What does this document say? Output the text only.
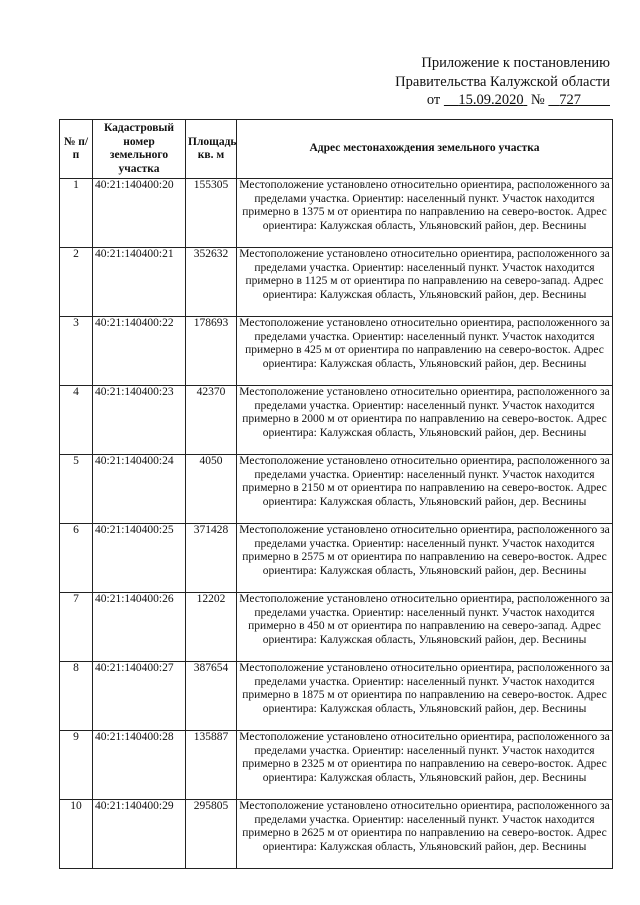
Приложение к постановлению
Правительства Калужской области
от 15.09.2020 № 727
№ п/п	Кадастровый номер земельного участка	Площадь кв. м	Адрес местонахождения земельного участка
1	40:21:140400:20	155305	Местоположение установлено относительно ориентира, расположенного за пределами участка. Ориентир: населенный пункт. Участок находится примерно в 1375 м от ориентира по направлению на северо-восток. Адрес ориентира: Калужская область, Ульяновский район, дер. Веснины
2	40:21:140400:21	352632	Местоположение установлено относительно ориентира, расположенного за пределами участка. Ориентир: населенный пункт. Участок находится примерно в 1125 м от ориентира по направлению на северо-запад. Адрес ориентира: Калужская область, Ульяновский район, дер. Веснины
3	40:21:140400:22	178693	Местоположение установлено относительно ориентира, расположенного за пределами участка. Ориентир: населенный пункт. Участок находится примерно в 425 м от ориентира по направлению на северо-восток. Адрес ориентира: Калужская область, Ульяновский район, дер. Веснины
4	40:21:140400:23	42370	Местоположение установлено относительно ориентира, расположенного за пределами участка. Ориентир: населенный пункт. Участок находится примерно в 2000 м от ориентира по направлению на северо-восток. Адрес ориентира: Калужская область, Ульяновский район, дер. Веснины
5	40:21:140400:24	4050	Местоположение установлено относительно ориентира, расположенного за пределами участка. Ориентир: населенный пункт. Участок находится примерно в 2150 м от ориентира по направлению на северо-восток. Адрес ориентира: Калужская область, Ульяновский район, дер. Веснины
6	40:21:140400:25	371428	Местоположение установлено относительно ориентира, расположенного за пределами участка. Ориентир: населенный пункт. Участок находится примерно в 2575 м от ориентира по направлению на северо-восток. Адрес ориентира: Калужская область, Ульяновский район, дер. Веснины
7	40:21:140400:26	12202	Местоположение установлено относительно ориентира, расположенного за пределами участка. Ориентир: населенный пункт. Участок находится примерно в 450 м от ориентира по направлению на северо-запад. Адрес ориентира: Калужская область, Ульяновский район, дер. Веснины
8	40:21:140400:27	387654	Местоположение установлено относительно ориентира, расположенного за пределами участка. Ориентир: населенный пункт. Участок находится примерно в 1875 м от ориентира по направлению на северо-восток. Адрес ориентира: Калужская область, Ульяновский район, дер. Веснины
9	40:21:140400:28	135887	Местоположение установлено относительно ориентира, расположенного за пределами участка. Ориентир: населенный пункт. Участок находится примерно в 2325 м от ориентира по направлению на северо-восток. Адрес ориентира: Калужская область, Ульяновский район, дер. Веснины
10	40:21:140400:29	295805	Местоположение установлено относительно ориентира, расположенного за пределами участка. Ориентир: населенный пункт. Участок находится примерно в 2625 м от ориентира по направлению на северо-восток. Адрес ориентира: Калужская область, Ульяновский район, дер. Веснины
